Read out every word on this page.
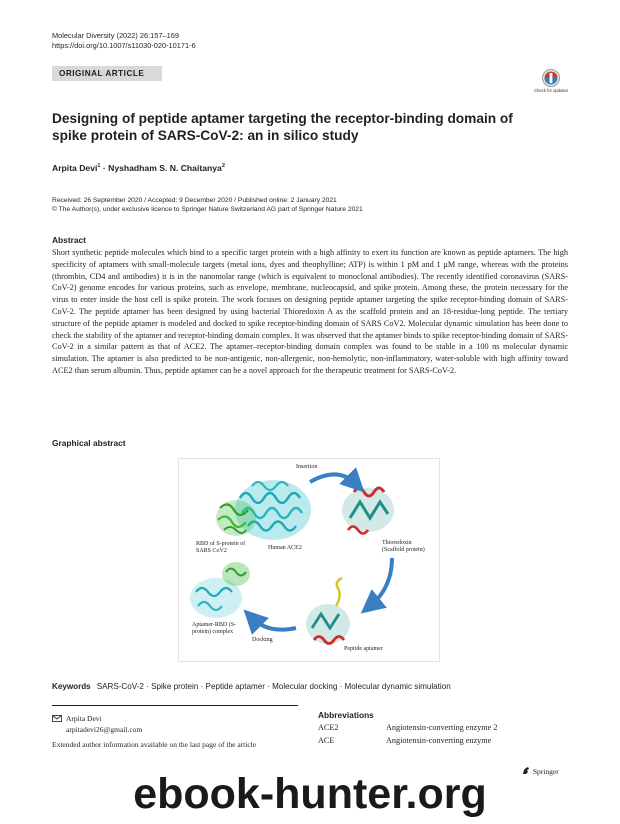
Molecular Diversity (2022) 26:157–169
https://doi.org/10.1007/s11030-020-10171-6
ORIGINAL ARTICLE
Check for updates
Designing of peptide aptamer targeting the receptor-binding domain of spike protein of SARS-CoV-2: an in silico study
Arpita Devi$^1$ · Nyshadham S. N. Chaitanya$^2$
Received: 26 September 2020 / Accepted: 9 December 2020 / Published online: 2 January 2021
© The Author(s), under exclusive licence to Springer Nature Switzerland AG part of Springer Nature 2021
Abstract
Short synthetic peptide molecules which bind to a specific target protein with a high affinity to exert its function are known as peptide aptamers. The high specificity of aptamers with small-molecule targets (metal ions, dyes and theophylline; ATP) is within 1 pM and 1 μM range, whereas with the proteins (thrombin, CD4 and antibodies) it is in the nanomolar range (which is equivalent to monoclonal antibodies). The recently identified coronavirus (SARS-CoV-2) genome encodes for various proteins, such as envelope, membrane, nucleocapsid, and spike protein. Among these, the protein necessary for the virus to enter inside the host cell is spike protein. The work focuses on designing peptide aptamer targeting the spike receptor-binding domain of SARS-CoV-2. The peptide aptamer has been designed by using bacterial Thioredoxin A as the scaffold protein and an 18-residue-long peptide. The tertiary structure of the peptide aptamer is modeled and docked to spike receptor-binding domain of SARS CoV2. Molecular dynamic simulation has been done to check the stability of the aptamer and receptor-binding domain complex. It was observed that the aptamer binds to spike receptor-binding domain of SARS-CoV-2 in a similar pattern as that of ACE2. The aptamer–receptor-binding domain complex was found to be stable in a 100 ns molecular dynamic simulation. The aptamer is also predicted to be non-antigenic, non-allergenic, non-hemolytic, non-inflammatory, water-soluble with high affinity toward ACE2 than serum albumin. Thus, peptide aptamer can be a novel approach for the therapeutic treatment for SARS-CoV-2.
Graphical abstract
Insertion
Thioredoxin
(Scaffold protein)
RBD of S-protein of
SARS CoV2	Human ACE2
Aptamer-RBD (S-
protein) complex
Docking
Peptide aptamer
Keywords SARS-CoV-2 · Spike protein · Peptide aptamer · Molecular docking · Molecular dynamic simulation
Arpita Devi
arpitadevi26@gmail.com
Extended author information available on the last page of the article
Abbreviations
ACE2	Angiotensin-converting enzyme 2
ACE	Angiotensin-converting enzyme
Springer
ebook-hunter.org
